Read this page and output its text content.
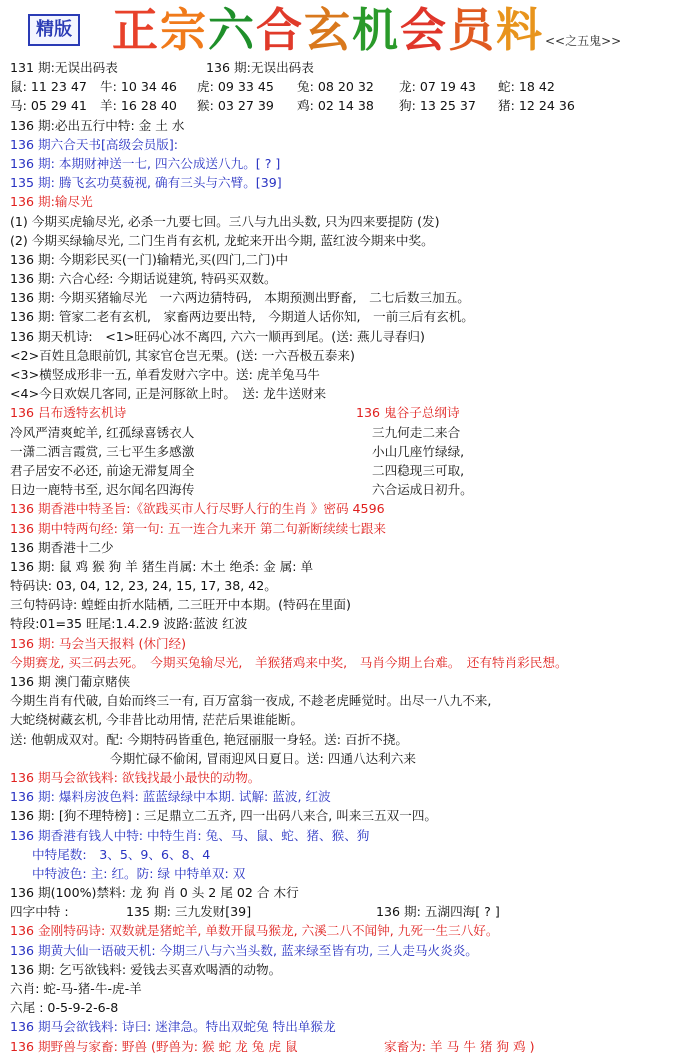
精版 正宗六合玄机会员料 <<之五鬼>>
131 期:无误出码表	136 期:无误出码表
鼠: 11 23 47 牛: 10 34 46 虎: 09 33 45 兔: 08 20 32 龙: 07 19 43 蛇: 18 42
马: 05 29 41 羊: 16 28 40 猴: 03 27 39 鸡: 02 14 38 狗: 13 25 37 猪: 12 24 36
136 期:必出五行中特: 金 土 水
136 期六合天书[高级会员版]:
136 期: 本期财神送一七, 四六公成送八九。[ ? ]
135 期: 腾飞玄功莫藐视, 确有三头与六臂。[39]
136 期:输尽光
(1) 今期买虎输尽光, 必杀一九要七回。三八与九出头数, 只为四来要提防 (发)
(2) 今期买绿输尽光, 二门生肖有玄机, 龙蛇来开出今期, 蓝红波今期来中奖。
136 期: 今期彩民买(一门)输精光,买(四门,二门)中
136 期: 六合心经: 今期话说建筑, 特码买双数。
136 期: 今期买猪输尽光　一六两边猜特码,　本期预测出野畜,　二七后数三加五。
136 期: 管家二老有玄机,　家畜两边要出特,　今期道人话你知,　一前三后有玄机。
136 期天机诗:　<1>旺码心冰不离四, 六六一顺再到尾。(送: 燕儿寻春归)
<2>百姓且急眼前饥, 其家官仓岂无栗。(送: 一六吾极五泰来)
<3>横竖成形非一五, 单看发财六字中。送: 虎羊兔马牛
<4>今日欢娱几客同, 正是河豚欲上时。　送: 龙牛送财来
136 吕布透特玄机诗	136 鬼谷子总纲诗
冷风严清爽蛇羊, 红孤绿喜锈衣人	三九何走二来合
一潇二洒言霞赏, 三七平生多感激	小山几座竹绿绿,
君子居安不必还, 前途无滞复周全	二四稳现三可取,
日边一鹿特书至, 迟尔闻名四海传	六合运成日初升。
136 期香港中特圣旨:《欲践买市人行尽野人行的生肖 》密码 4596
136 期中特两句经: 第一句: 五一连合九来开 第二句新断续续七跟来
136 期香港十二少
136 期: 鼠 鸡 猴 狗 羊 猪生肖属: 木土 绝杀: 金 属: 单
特码诀: 03, 04, 12, 23, 24, 15, 17, 38, 42。
三句特码诗: 蝗蛭由折水陆栖, 二三旺开中本期。(特码在里面)
特段:01=35 旺尾:1.4.2.9 波路:蓝波 红波
136 期: 马会当天报料 (休门经)
今期赛龙, 买三码去死。　今期买兔输尽光,　羊猴猪鸡来中奖,　马肖今期上台难。　还有特肖彩民想。
136 期 澳门葡京赌侠
今期生肖有代破, 自始而终三一有, 百万富翁一夜成, 不趁老虎睡觉时。出尽一八九不来,
大蛇绕树藏玄机, 今非昔比动用情, 茫茫后果谁能断。
送: 他朝成双对。配: 今期特码皆重色, 艳冠丽服一身轻。送: 百折不挠。
今期忙碌不偷闲, 冒雨迎风日夏日。送: 四通八达利六来
136 期马会欲钱料: 欲钱找最小最快的动物。
136 期: 爆料房波色料: 蓝蓝绿绿中本期. 试解: 蓝波, 红波
136 期: [狗不理特榜] : 三足鼎立二五齐, 四一出码八来合, 叫来三五双一四。
136 期香港有钱人中特: 中特生肖: 兔、马、鼠、蛇、猪、猴、狗
中特尾数:　3、5、9、6、8、4
中特波色: 主: 红。防: 绿 中特单双: 双
136 期(100%)禁料: 龙 狗 肖 0 头 2 尾 02 合 木行
四字中特 :	135 期: 三九发财[39]	136 期: 五湖四海[ ? ]
136 金刚特码诗: 双数就是猪蛇羊, 单数开鼠马猴龙, 六溪二八不闻钟, 九死一生三八好。
136 期黄大仙一语破天机: 今期三八与六当头数, 蓝来绿至皆有功, 三人走马火炎炎。
136 期: 乞丐欲钱料: 爱钱去买喜欢喝酒的动物。
六肖: 蛇-马-猪-牛-虎-羊
六尾 : 0-5-9-2-6-8
136 期马会欲钱料: 诗曰: 迷津急。特出双蛇兔 特出单猴龙
136 期野兽与家畜: 野兽 (野兽为: 猴 蛇 龙 兔 虎 鼠	家畜为: 羊 马 牛 猪 狗 鸡 )
